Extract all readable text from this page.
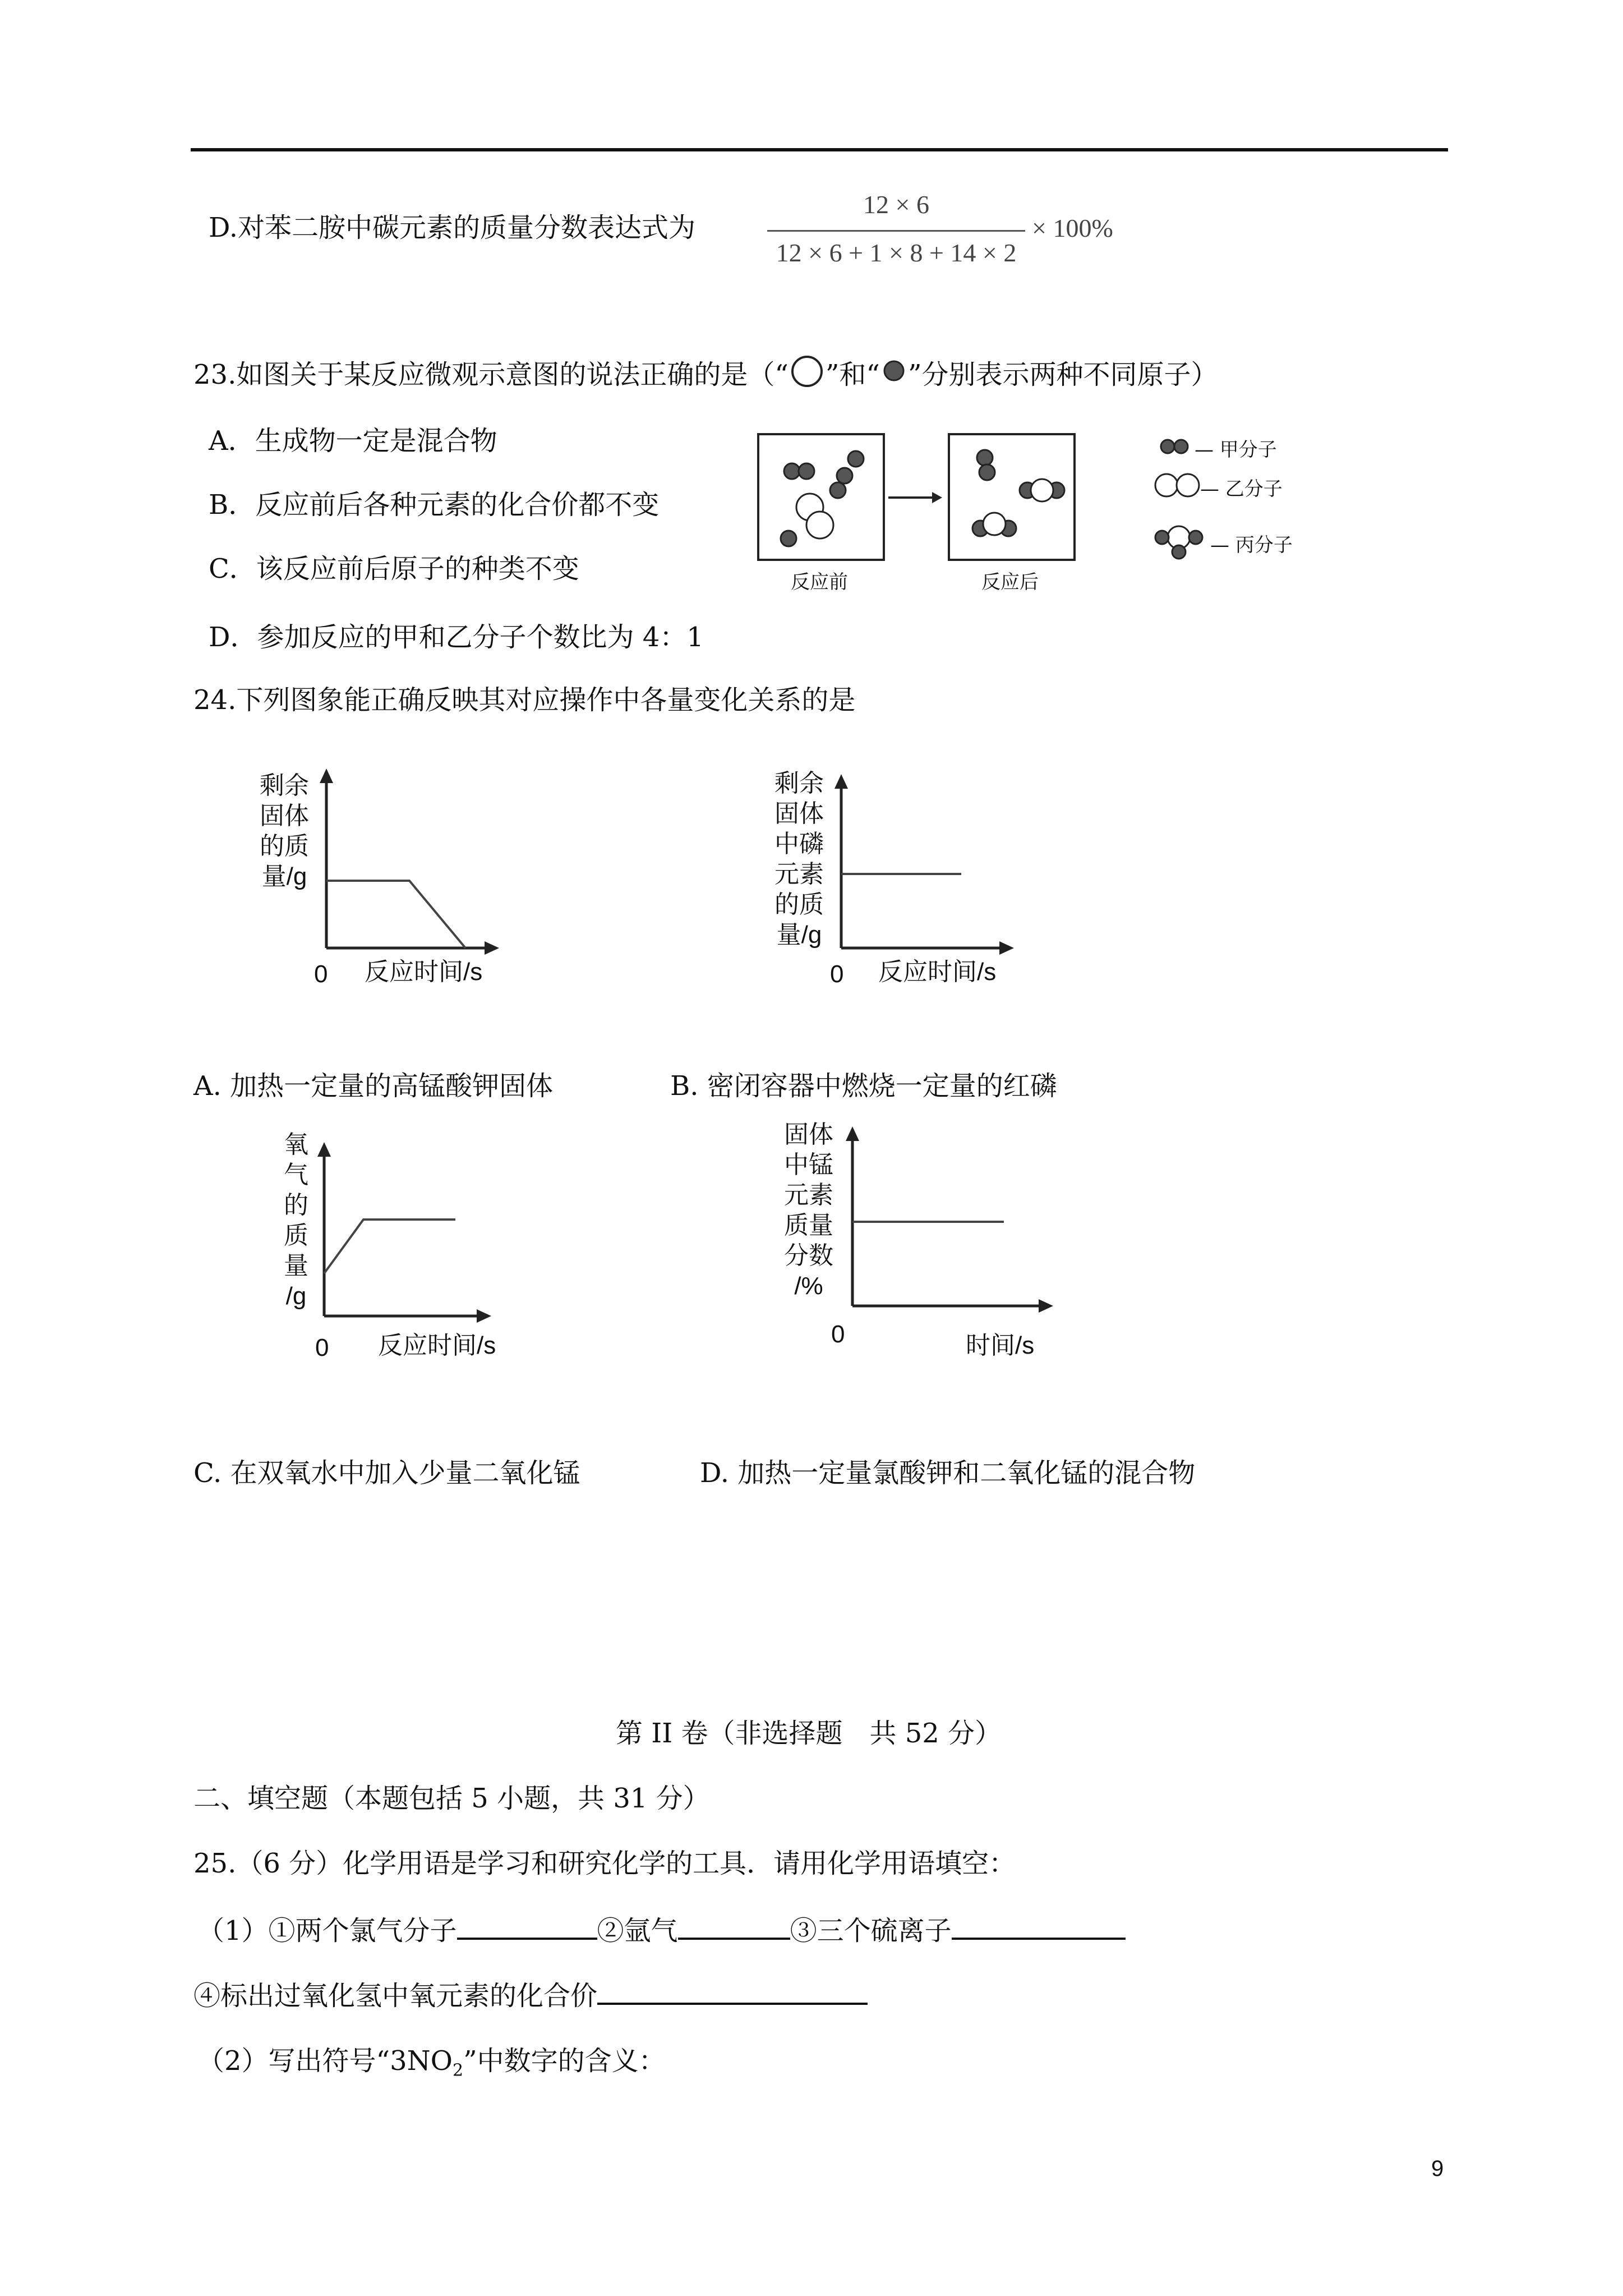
D.对苯二胺中碳元素的质量分数表达式为
12 × 6
12 × 6 + 1 × 8 + 14 × 2
× 100%
23.如图关于某反应微观示意图的说法正确的是（“ ”和“ ”分别表示两种不同原子）
A．生成物一定是混合物
B．反应前后各种元素的化合价都不变
C．该反应前后原子的种类不变
D．参加反应的甲和乙分子个数比为 4：1
反应前	反应后
— 甲分子
— 乙分子
— 丙分子
24.下列图象能正确反映其对应操作中各量变化关系的是
剩余
固体
的质
量/g
0 反应时间/s
剩余
固体
中磷
元素
的质
量/g
0 反应时间/s
A. 加热一定量的高锰酸钾固体	B. 密闭容器中燃烧一定量的红磷
氧
气
的
质
量
/g
0 反应时间/s
固体
中锰
元素
质量
分数
/%
0	时间/s
C. 在双氧水中加入少量二氧化锰	D. 加热一定量氯酸钾和二氧化锰的混合物
第 II 卷（非选择题　共 52 分）
二、填空题（本题包括 5 小题，共 31 分）
25.（6 分）化学用语是学习和研究化学的工具．请用化学用语填空：
（1）①两个氯气分子	②氩气	③三个硫离子
④标出过氧化氢中氧元素的化合价
（2）写出符号“$3NO_2$”中数字的含义：
9
